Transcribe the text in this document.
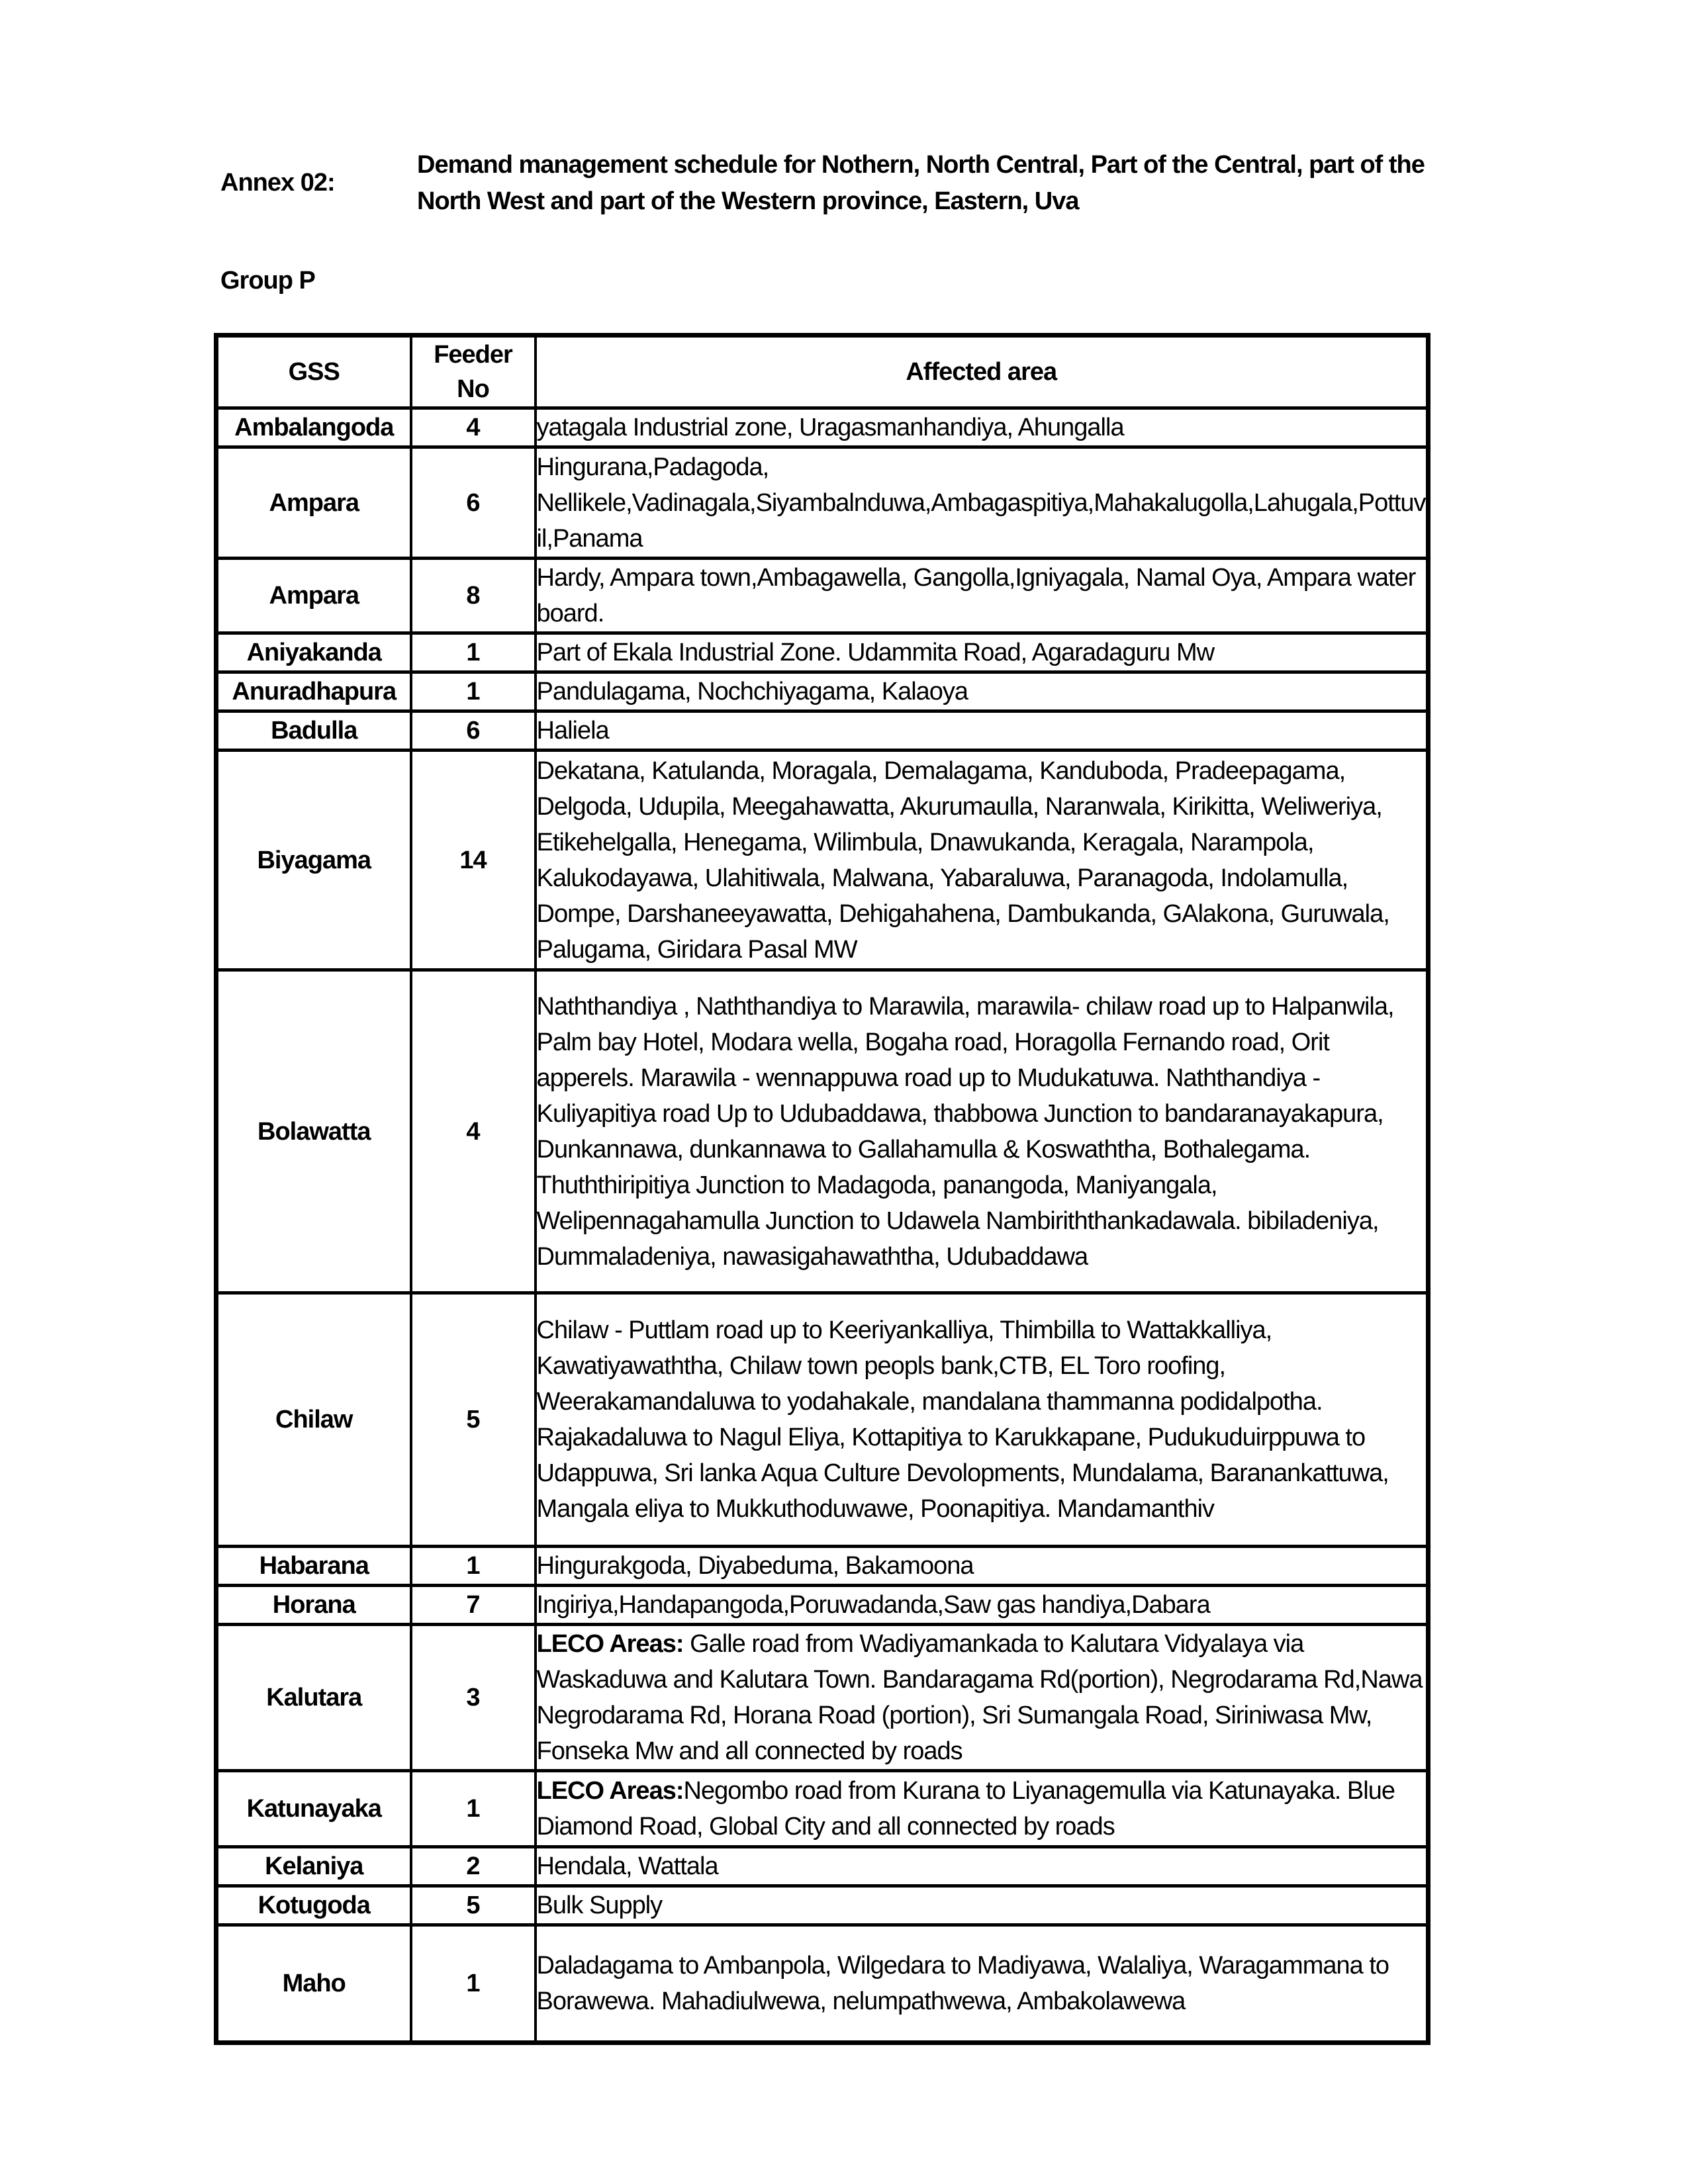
Annex 02:
Demand management schedule for Nothern, North Central, Part of the Central, part of the North West and part of the Western province, Eastern, Uva
Group P
GSS	Feeder No	Affected area
Ambalangoda	4	yatagala Industrial zone, Uragasmanhandiya, Ahungalla
Ampara	6	Hingurana,Padagoda, Nellikele,Vadinagala,Siyambalnduwa,Ambagaspitiya,Mahakalugolla,Lahugala,Pottuvil,Panama
Ampara	8	Hardy, Ampara town,Ambagawella, Gangolla,Igniyagala, Namal Oya, Ampara water board.
Aniyakanda	1	Part of Ekala Industrial Zone. Udammita Road, Agaradaguru Mw
Anuradhapura	1	Pandulagama, Nochchiyagama, Kalaoya
Badulla	6	Haliela
Biyagama	14	Dekatana, Katulanda, Moragala, Demalagama, Kanduboda, Pradeepagama, Delgoda, Udupila, Meegahawatta, Akurumaulla, Naranwala, Kirikitta, Weliweriya, Etikehelgalla, Henegama, Wilimbula, Dnawukanda, Keragala, Narampola, Kalukodayawa, Ulahitiwala, Malwana, Yabaraluwa, Paranagoda, Indolamulla, Dompe, Darshaneeyawatta, Dehigahahena, Dambukanda, GAlakona, Guruwala, Palugama, Giridara Pasal MW
Bolawatta	4	Naththandiya , Naththandiya to Marawila, marawila- chilaw road up to Halpanwila, Palm bay Hotel, Modara wella, Bogaha road, Horagolla Fernando road, Orit apperels. Marawila - wennappuwa road up to Mudukatuwa. Naththandiya - Kuliyapitiya road Up to Udubaddawa, thabbowa Junction to bandaranayakapura, Dunkannawa, dunkannawa to Gallahamulla & Koswaththa, Bothalegama. Thuththiripitiya Junction to Madagoda, panangoda, Maniyangala, Welipennagahamulla Junction to Udawela Nambiriththankadawala. bibiladeniya, Dummaladeniya, nawasigahawaththa, Udubaddawa
Chilaw	5	Chilaw - Puttlam road up to Keeriyankalliya, Thimbilla to Wattakkalliya, Kawatiyawaththa, Chilaw town peopls bank,CTB, EL Toro roofing, Weerakamandaluwa to yodahakale, mandalana thammanna podidalpotha. Rajakadaluwa to Nagul Eliya, Kottapitiya to Karukkapane, Pudukuduirppuwa to Udappuwa, Sri lanka Aqua Culture Devolopments, Mundalama, Baranankattuwa, Mangala eliya to Mukkuthoduwawe, Poonapitiya. Mandamanthiv
Habarana	1	Hingurakgoda, Diyabeduma, Bakamoona
Horana	7	Ingiriya,Handapangoda,Poruwadanda,Saw gas handiya,Dabara
Kalutara	3	LECO Areas: Galle road from Wadiyamankada to Kalutara Vidyalaya via Waskaduwa and Kalutara Town. Bandaragama Rd(portion), Negrodarama Rd,Nawa Negrodarama Rd, Horana Road (portion), Sri Sumangala Road, Siriniwasa Mw, Fonseka Mw and all connected by roads
Katunayaka	1	LECO Areas:Negombo road from Kurana to Liyanagemulla via Katunayaka. Blue Diamond Road, Global City and all connected by roads
Kelaniya	2	Hendala, Wattala
Kotugoda	5	Bulk Supply
Maho	1	Daladagama to Ambanpola, Wilgedara to Madiyawa, Walaliya, Waragammana to Borawewa. Mahadiulwewa, nelumpathwewa, Ambakolawewa
